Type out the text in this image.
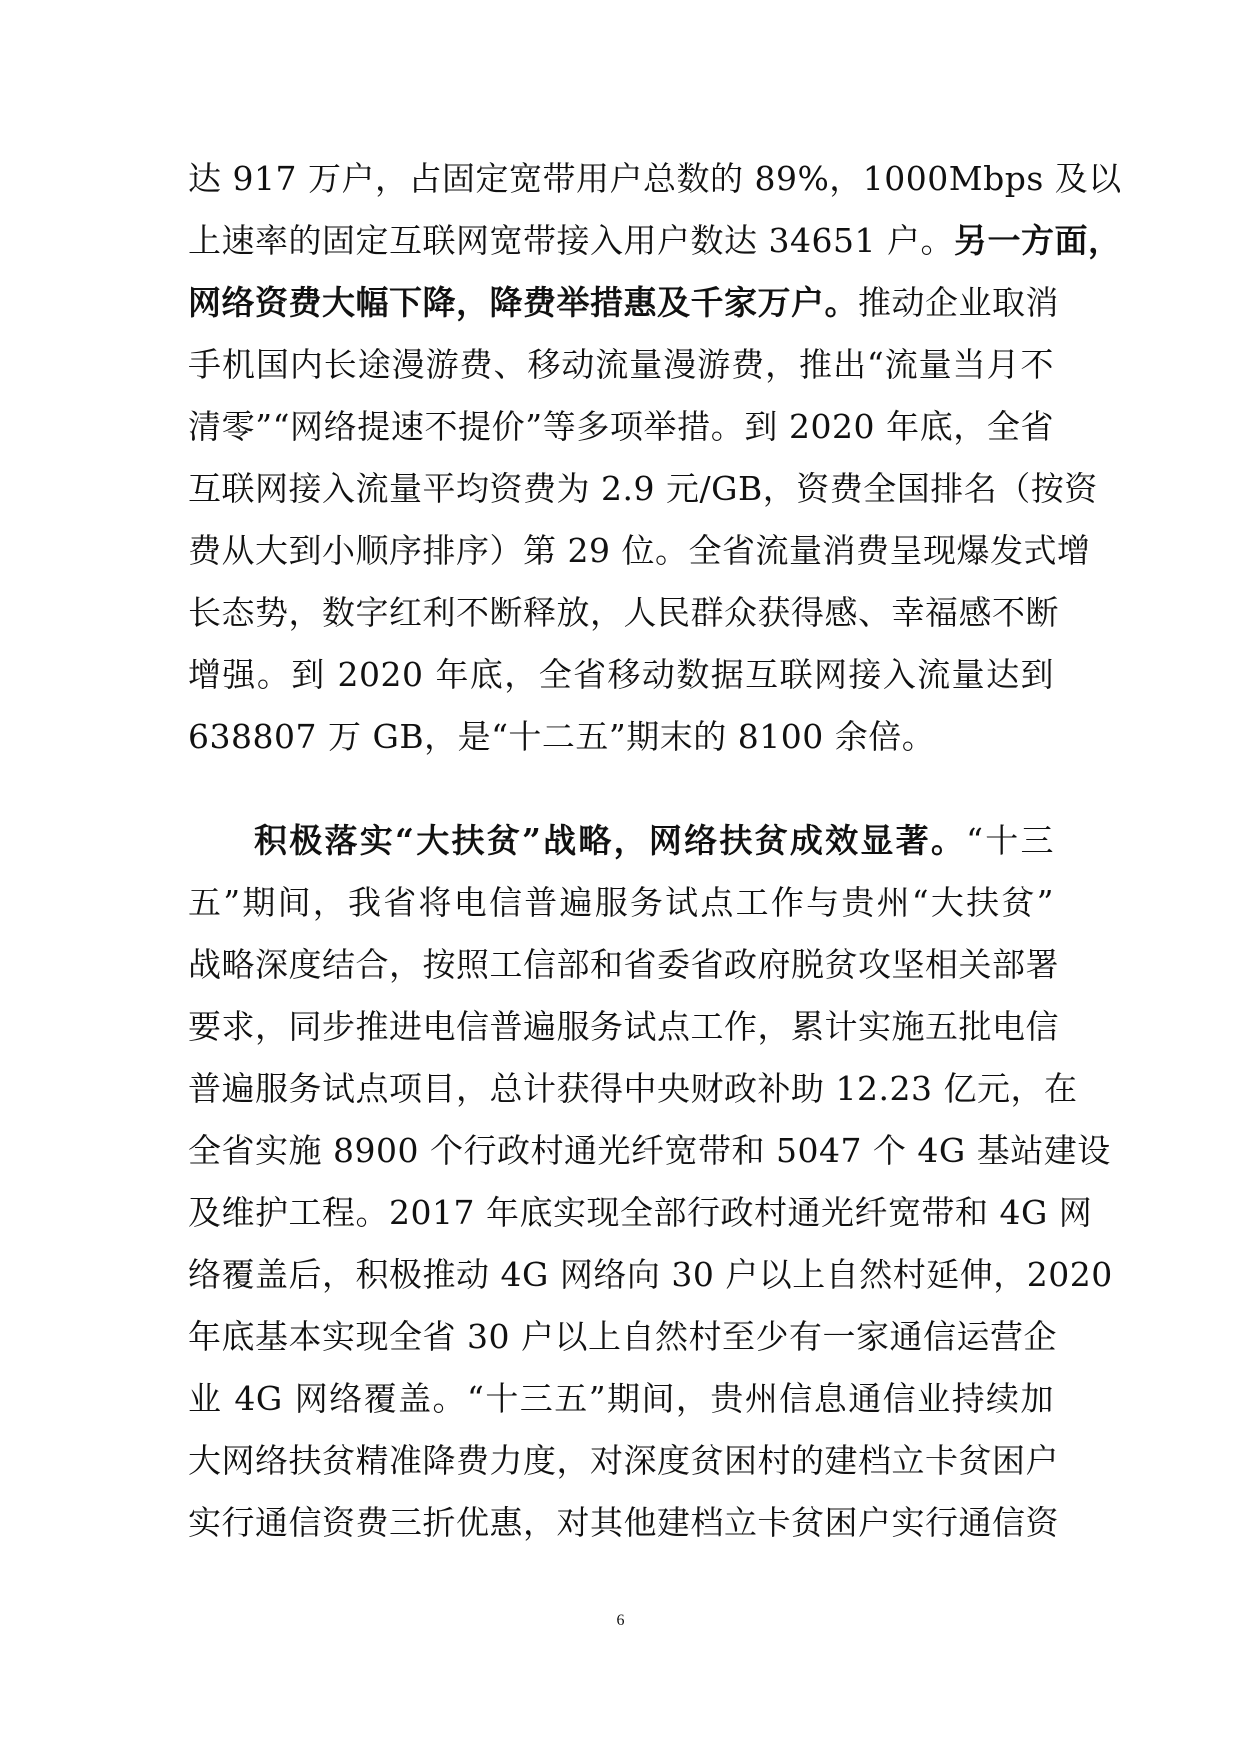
达 917 万户，占固定宽带用户总数的 89%，1000Mbps 及以
上速率的固定互联网宽带接入用户数达 34651 户。另一方面，
网络资费大幅下降，降费举措惠及千家万户。推动企业取消
手机国内长途漫游费、移动流量漫游费，推出“流量当月不
清零”“网络提速不提价”等多项举措。到 2020 年底，全省
互联网接入流量平均资费为 2.9 元/GB，资费全国排名（按资
费从大到小顺序排序）第 29 位。全省流量消费呈现爆发式增
长态势，数字红利不断释放，人民群众获得感、幸福感不断
增强。到 2020 年底，全省移动数据互联网接入流量达到
638807 万 GB，是“十二五”期末的 8100 余倍。
积极落实“大扶贫”战略，网络扶贫成效显著。“十三
五”期间，我省将电信普遍服务试点工作与贵州“大扶贫”
战略深度结合，按照工信部和省委省政府脱贫攻坚相关部署
要求，同步推进电信普遍服务试点工作，累计实施五批电信
普遍服务试点项目，总计获得中央财政补助 12.23 亿元，在
全省实施 8900 个行政村通光纤宽带和 5047 个 4G 基站建设
及维护工程。2017 年底实现全部行政村通光纤宽带和 4G 网
络覆盖后，积极推动 4G 网络向 30 户以上自然村延伸，2020
年底基本实现全省 30 户以上自然村至少有一家通信运营企
业 4G 网络覆盖。“十三五”期间，贵州信息通信业持续加
大网络扶贫精准降费力度，对深度贫困村的建档立卡贫困户
实行通信资费三折优惠，对其他建档立卡贫困户实行通信资
6
